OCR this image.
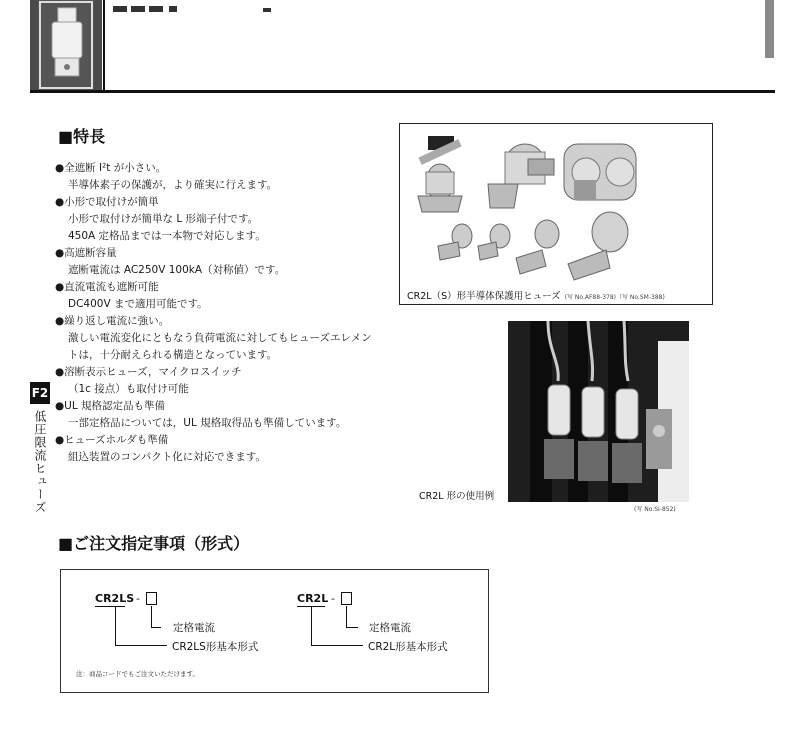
■特長
●全遮断 I²t が小さい。
半導体素子の保護が，より確実に行えます。
●小形で取付けが簡単
小形で取付けが簡単な L 形端子付です。
450A 定格品までは一本物で対応します。
●高遮断容量
遮断電流は AC250V 100kA（対称値）です。
●直流電流も遮断可能
DC400V まで適用可能です。
●繰り返し電流に強い。
激しい電流変化にともなう負荷電流に対してもヒューズエレメン
トは，十分耐えられる構造となっています。
●溶断表示ヒューズ，マイクロスイッチ
（1c 接点）も取付け可能
●UL 規格認定品も準備
一部定格品については，UL 規格取得品も準備しています。
●ヒューズホルダも準備
組込装置のコンパクト化に対応できます。
F2
低圧限流ヒューズ
CR2L（S）形半導体保護用ヒューズ (写 No.AF88-378)（写 No.SM-388)
CR2L 形の使用例
(写 No.SI-852)
■ご注文指定事項（形式）
CR2LS -
定格電流
CR2LS形基本形式
CR2L -
定格電流
CR2L形基本形式
注：商品コードでもご注文いただけます。
